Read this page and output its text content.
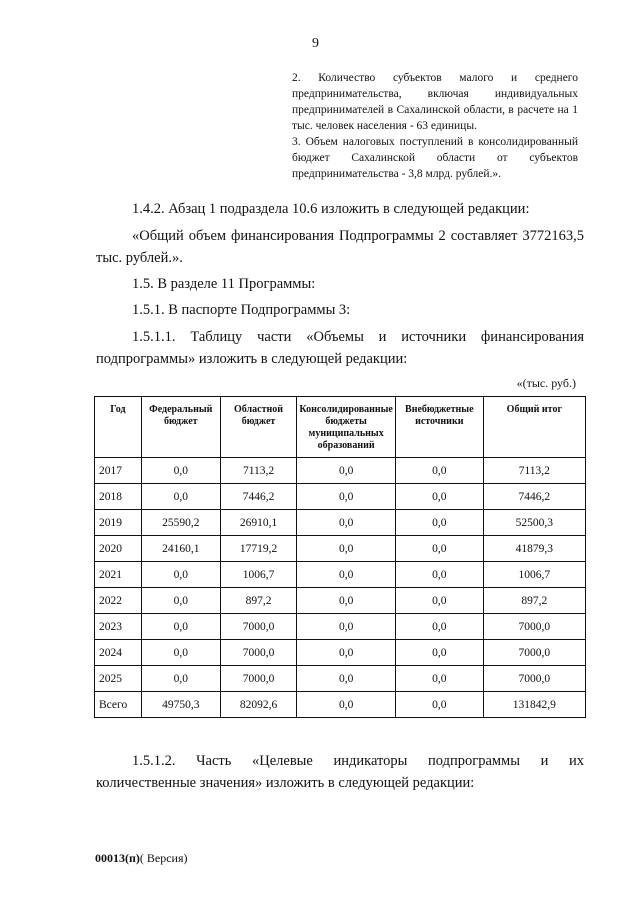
9

2. Количество субъектов малого и среднего предпринимательства, включая индивидуальных предпринимателей в Сахалинской области, в расчете на 1 тыс. человек населения - 63 единицы.

3. Объем налоговых поступлений в консолидированный бюджет Сахалинской области от субъектов предпринимательства - 3,8 млрд. рублей.».

1.4.2. Абзац 1 подраздела 10.6 изложить в следующей редакции:

«Общий объем финансирования Подпрограммы 2 составляет 3772163,5 тыс. рублей.».

1.5. В разделе 11 Программы:

1.5.1. В паспорте Подпрограммы 3:

1.5.1.1. Таблицу части «Объемы и источники финансирования подпрограммы» изложить в следующей редакции:

«(тыс. руб.)
Год	Федеральный бюджет	Областной бюджет	Консолидированные бюджеты муниципальных образований	Внебюджетные источники	Общий итог
2017	0,0	7113,2	0,0	0,0	7113,2
2018	0,0	7446,2	0,0	0,0	7446,2
2019	25590,2	26910,1	0,0	0,0	52500,3
2020	24160,1	17719,2	0,0	0,0	41879,3
2021	0,0	1006,7	0,0	0,0	1006,7
2022	0,0	897,2	0,0	0,0	897,2
2023	0,0	7000,0	0,0	0,0	7000,0
2024	0,0	7000,0	0,0	0,0	7000,0
2025	0,0	7000,0	0,0	0,0	7000,0
Всего	49750,3	82092,6	0,0	0,0	131842,9

1.5.1.2. Часть «Целевые индикаторы подпрограммы и их количественные значения» изложить в следующей редакции:

00013(п)( Версия)
